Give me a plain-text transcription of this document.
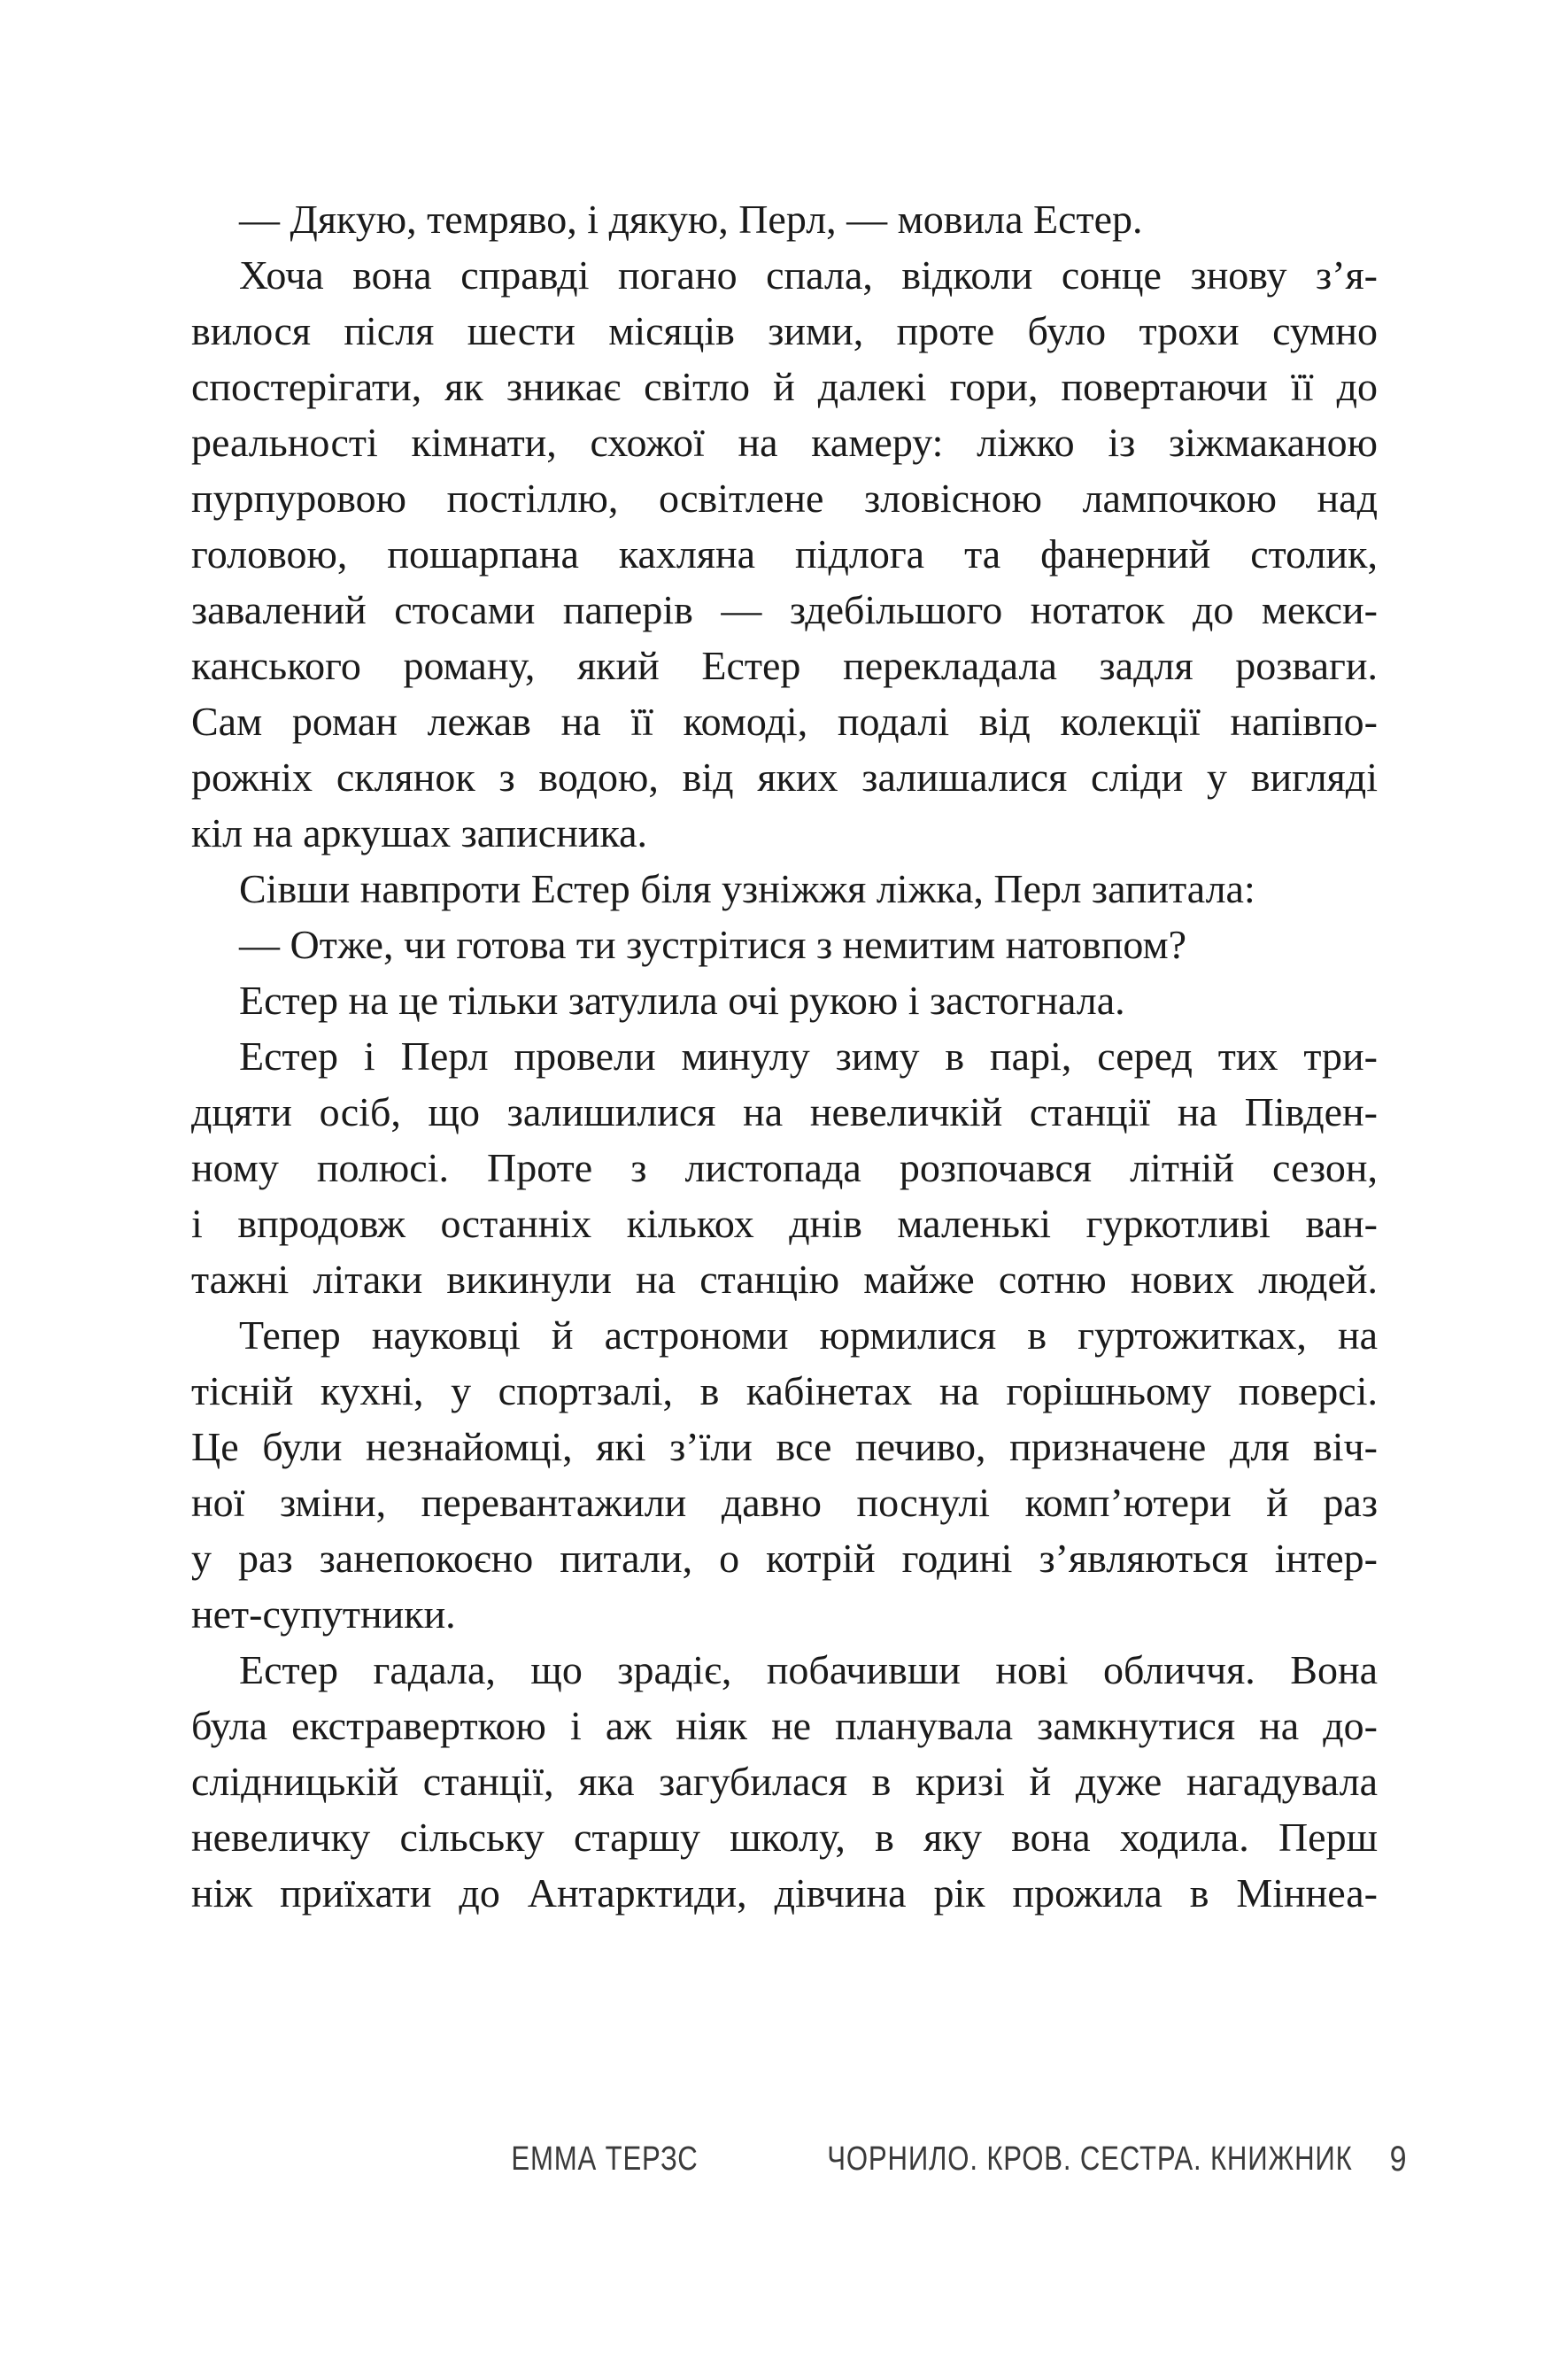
— Дякую, темряво, і дякую, Перл, — мовила Естер.
Хоча вона справді погано спала, відколи сонце знову з’я-
вилося після шести місяців зими, проте було трохи сумно
спостерігати, як зникає світло й далекі гори, повертаючи її до
реальності кімнати, схожої на камеру: ліжко із зіжмаканою
пурпуровою постіллю, освітлене зловісною лампочкою над
головою, пошарпана кахляна підлога та фанерний столик,
завалений стосами паперів — здебільшого нотаток до мекси-
канського роману, який Естер перекладала задля розваги.
Сам роман лежав на її комоді, подалі від колекції напівпо-
рожніх склянок з водою, від яких залишалися сліди у вигляді
кіл на аркушах записника.
Сівши навпроти Естер біля узніжжя ліжка, Перл запитала:
— Отже, чи готова ти зустрітися з немитим натовпом?
Естер на це тільки затулила очі рукою і застогнала.
Естер і Перл провели минулу зиму в парі, серед тих три-
дцяти осіб, що залишилися на невеличкій станції на Півден-
ному полюсі. Проте з листопада розпочався літній сезон,
і впродовж останніх кількох днів маленькі гуркотливі ван-
тажні літаки викинули на станцію майже сотню нових людей.
Тепер науковці й астрономи юрмилися в гуртожитках, на
тісній кухні, у спортзалі, в кабінетах на горішньому поверсі.
Це були незнайомці, які з’їли все печиво, призначене для віч-
ної зміни, перевантажили давно поснулі комп’ютери й раз
у раз занепокоєно питали, о котрій годині з’являються інтер-
нет-супутники.
Естер гадала, що зрадіє, побачивши нові обличчя. Вона
була екстраверткою і аж ніяк не планувала замкнутися на до-
слідницькій станції, яка загубилася в кризі й дуже нагадувала
невеличку сільську старшу школу, в яку вона ходила. Перш
ніж приїхати до Антарктиди, дівчина рік прожила в Міннеа-
ЕММА ТЕРЗС	ЧОРНИЛО. КРОВ. СЕСТРА. КНИЖНИК 9
